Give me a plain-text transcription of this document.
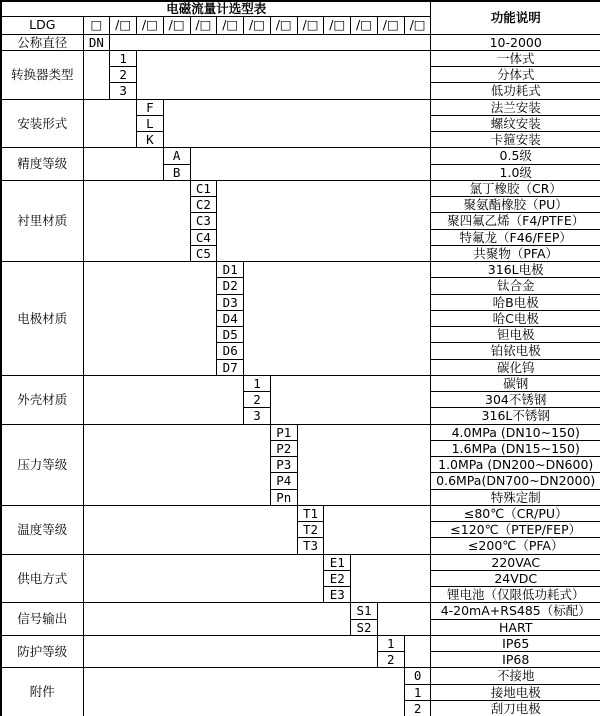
电磁流量计选型表														功能说明
LDG	□	/□	/□	/□	/□	/□	/□	/□	/□	/□	/□	/□	/□	
公称直径	DN													10-2000
转换器类型		1												一体式
		2												分体式
		3												低功耗式
安装形式			F											法兰安装
			L											螺纹安装
			K											卡箍安装
精度等级				A										0.5级
				B										1.0级
衬里材质					C1									氯丁橡胶（CR）
					C2									聚氨酯橡胶（PU）
					C3									聚四氟乙烯（F4/PTFE）
					C4									特氟龙（F46/FEP）
					C5									共聚物（PFA）
电极材质						D1								316L电极
						D2								钛合金
						D3								哈B电极
						D4								哈C电极
						D5								钽电极
						D6								铂铱电极
						D7								碳化钨
外壳材质							1							碳钢
							2							304不锈钢
							3							316L不锈钢
压力等级								P1						4.0MPa (DN10~150)
								P2						1.6MPa (DN15~150)
								P3						1.0MPa (DN200~DN600)
								P4						0.6MPa(DN700~DN2000)
								Pn						特殊定制
温度等级									T1					≤80℃（CR/PU）
									T2					≤120℃（PTEP/FEP）
									T3					≤200℃（PFA）
供电方式										E1				220VAC
										E2				24VDC
										E3				锂电池（仅限低功耗式）
信号输出											S1			4-20mA+RS485（标配）
											S2			HART
防护等级												1		IP65
												2		IP68
附件													0	不接地
													1	接地电极
													2	刮刀电极
